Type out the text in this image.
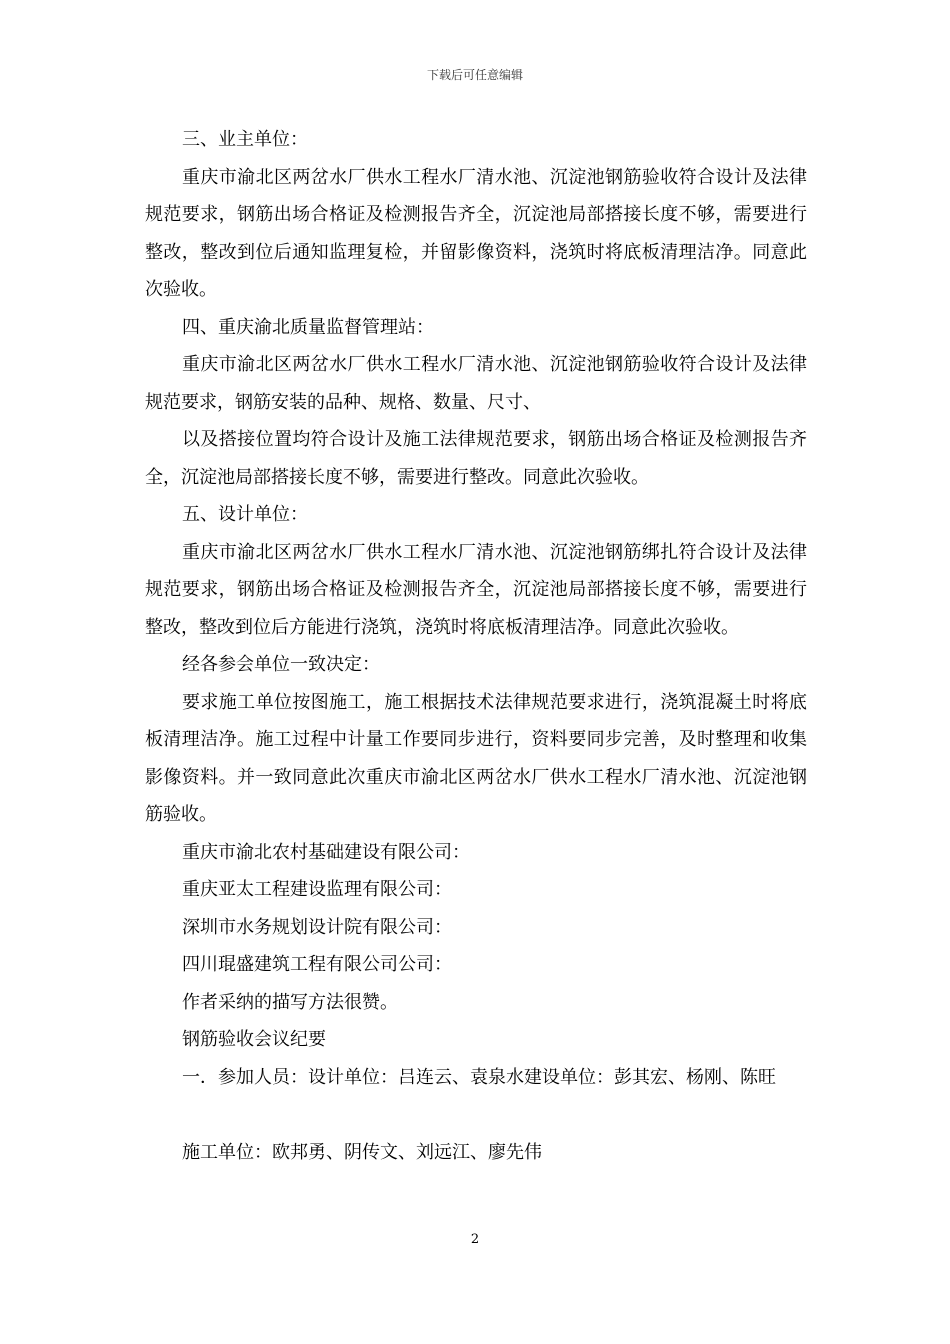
下载后可任意编辑

三、业主单位：

重庆市渝北区两岔水厂供水工程水厂清水池、沉淀池钢筋验收符合设计及法律规范要求，钢筋出场合格证及检测报告齐全，沉淀池局部搭接长度不够，需要进行整改，整改到位后通知监理复检，并留影像资料，浇筑时将底板清理洁净。同意此次验收。

四、重庆渝北质量监督管理站：

重庆市渝北区两岔水厂供水工程水厂清水池、沉淀池钢筋验收符合设计及法律规范要求，钢筋安装的品种、规格、数量、尺寸、

以及搭接位置均符合设计及施工法律规范要求，钢筋出场合格证及检测报告齐全，沉淀池局部搭接长度不够，需要进行整改。同意此次验收。

五、设计单位：

重庆市渝北区两岔水厂供水工程水厂清水池、沉淀池钢筋绑扎符合设计及法律规范要求，钢筋出场合格证及检测报告齐全，沉淀池局部搭接长度不够，需要进行整改，整改到位后方能进行浇筑，浇筑时将底板清理洁净。同意此次验收。

经各参会单位一致决定：

要求施工单位按图施工，施工根据技术法律规范要求进行，浇筑混凝土时将底板清理洁净。施工过程中计量工作要同步进行，资料要同步完善，及时整理和收集影像资料。并一致同意此次重庆市渝北区两岔水厂供水工程水厂清水池、沉淀池钢筋验收。

重庆市渝北农村基础建设有限公司：

重庆亚太工程建设监理有限公司：

深圳市水务规划设计院有限公司：

四川琨盛建筑工程有限公司公司：

作者采纳的描写方法很赞。

钢筋验收会议纪要

一．参加人员：设计单位：吕连云、袁泉水建设单位：彭其宏、杨刚、陈旺

施工单位：欧邦勇、阴传文、刘远江、廖先伟

2
